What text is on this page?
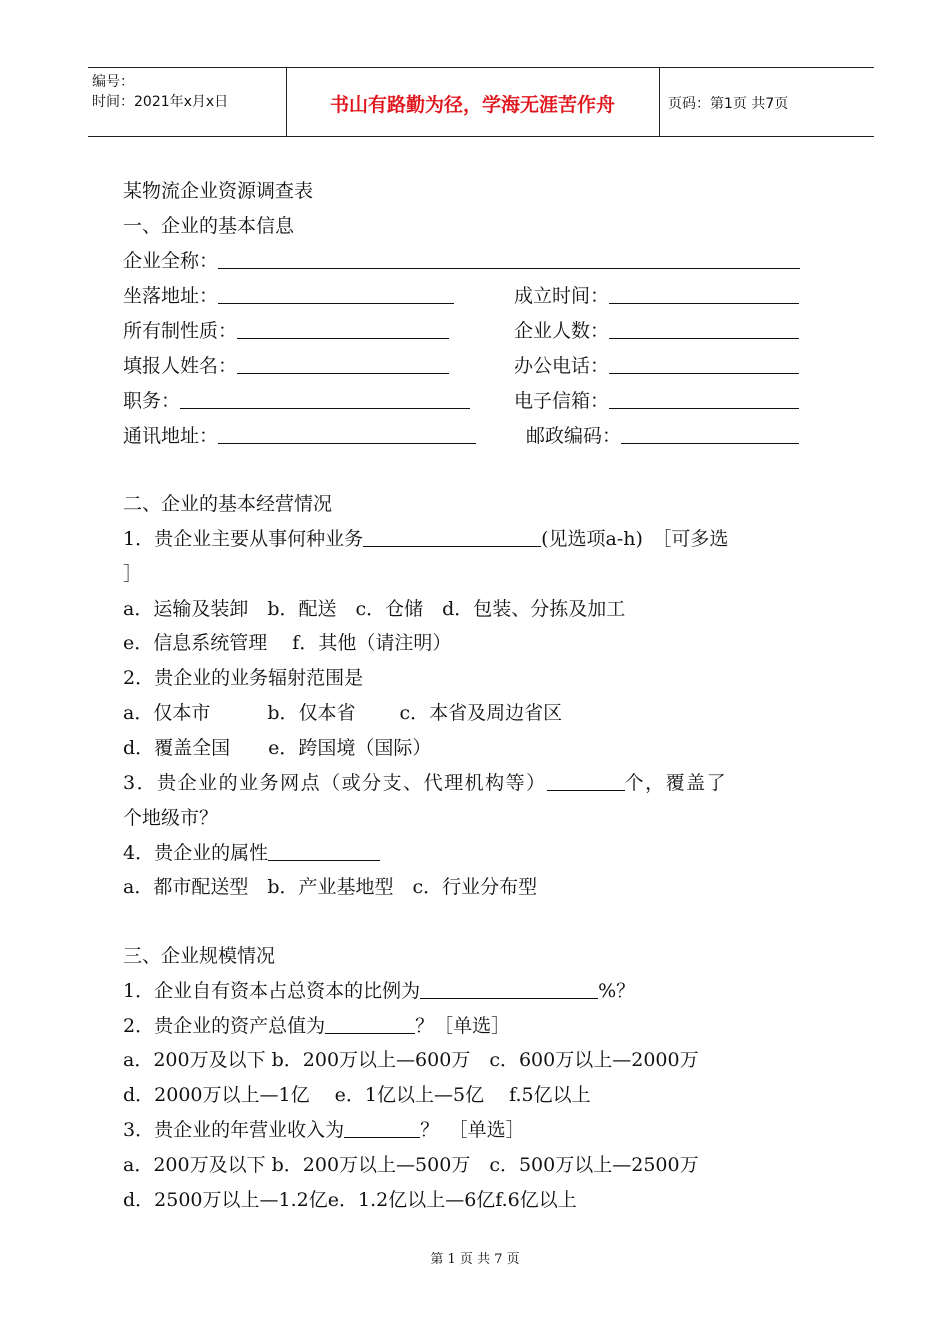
编号：
时间：2021年x月x日	书山有路勤为径，学海无涯苦作舟	页码：第1页 共7页
某物流企业资源调查表
一、企业的基本信息
企业全称：
坐落地址：	成立时间：
所有制性质：	企业人数：
填报人姓名：	办公电话：
职务：	电子信箱：
通讯地址：	邮政编码：
二、企业的基本经营情况
1．贵企业主要从事何种业务	(见选项a-h)　［可多选
］
a．运输及装卸　b．配送　c．仓储　d．包装、分拣及加工
e．信息系统管理　 f．其他（请注明）
2．贵企业的业务辐射范围是
a．仅本市　　　b．仅本省　　 c．本省及周边省区
d．覆盖全国　　e．跨国境（国际）
3．贵企业的业务网点（或分支、代理机构等）	个，覆盖了
个地级市？
4．贵企业的属性
a．都市配送型　b．产业基地型　c．行业分布型
三、企业规模情况
1．企业自有资本占总资本的比例为	%？
2．贵企业的资产总值为	？［单选］
a．200万及以下 b．200万以上—600万　c．600万以上—2000万
d．2000万以上—1亿　 e．1亿以上—5亿　 f.5亿以上
3．贵企业的年营业收入为	？　［单选］
a．200万及以下 b．200万以上—500万　c．500万以上—2500万
d．2500万以上—1.2亿e．1.2亿以上—6亿f.6亿以上
第 1 页 共 7 页
